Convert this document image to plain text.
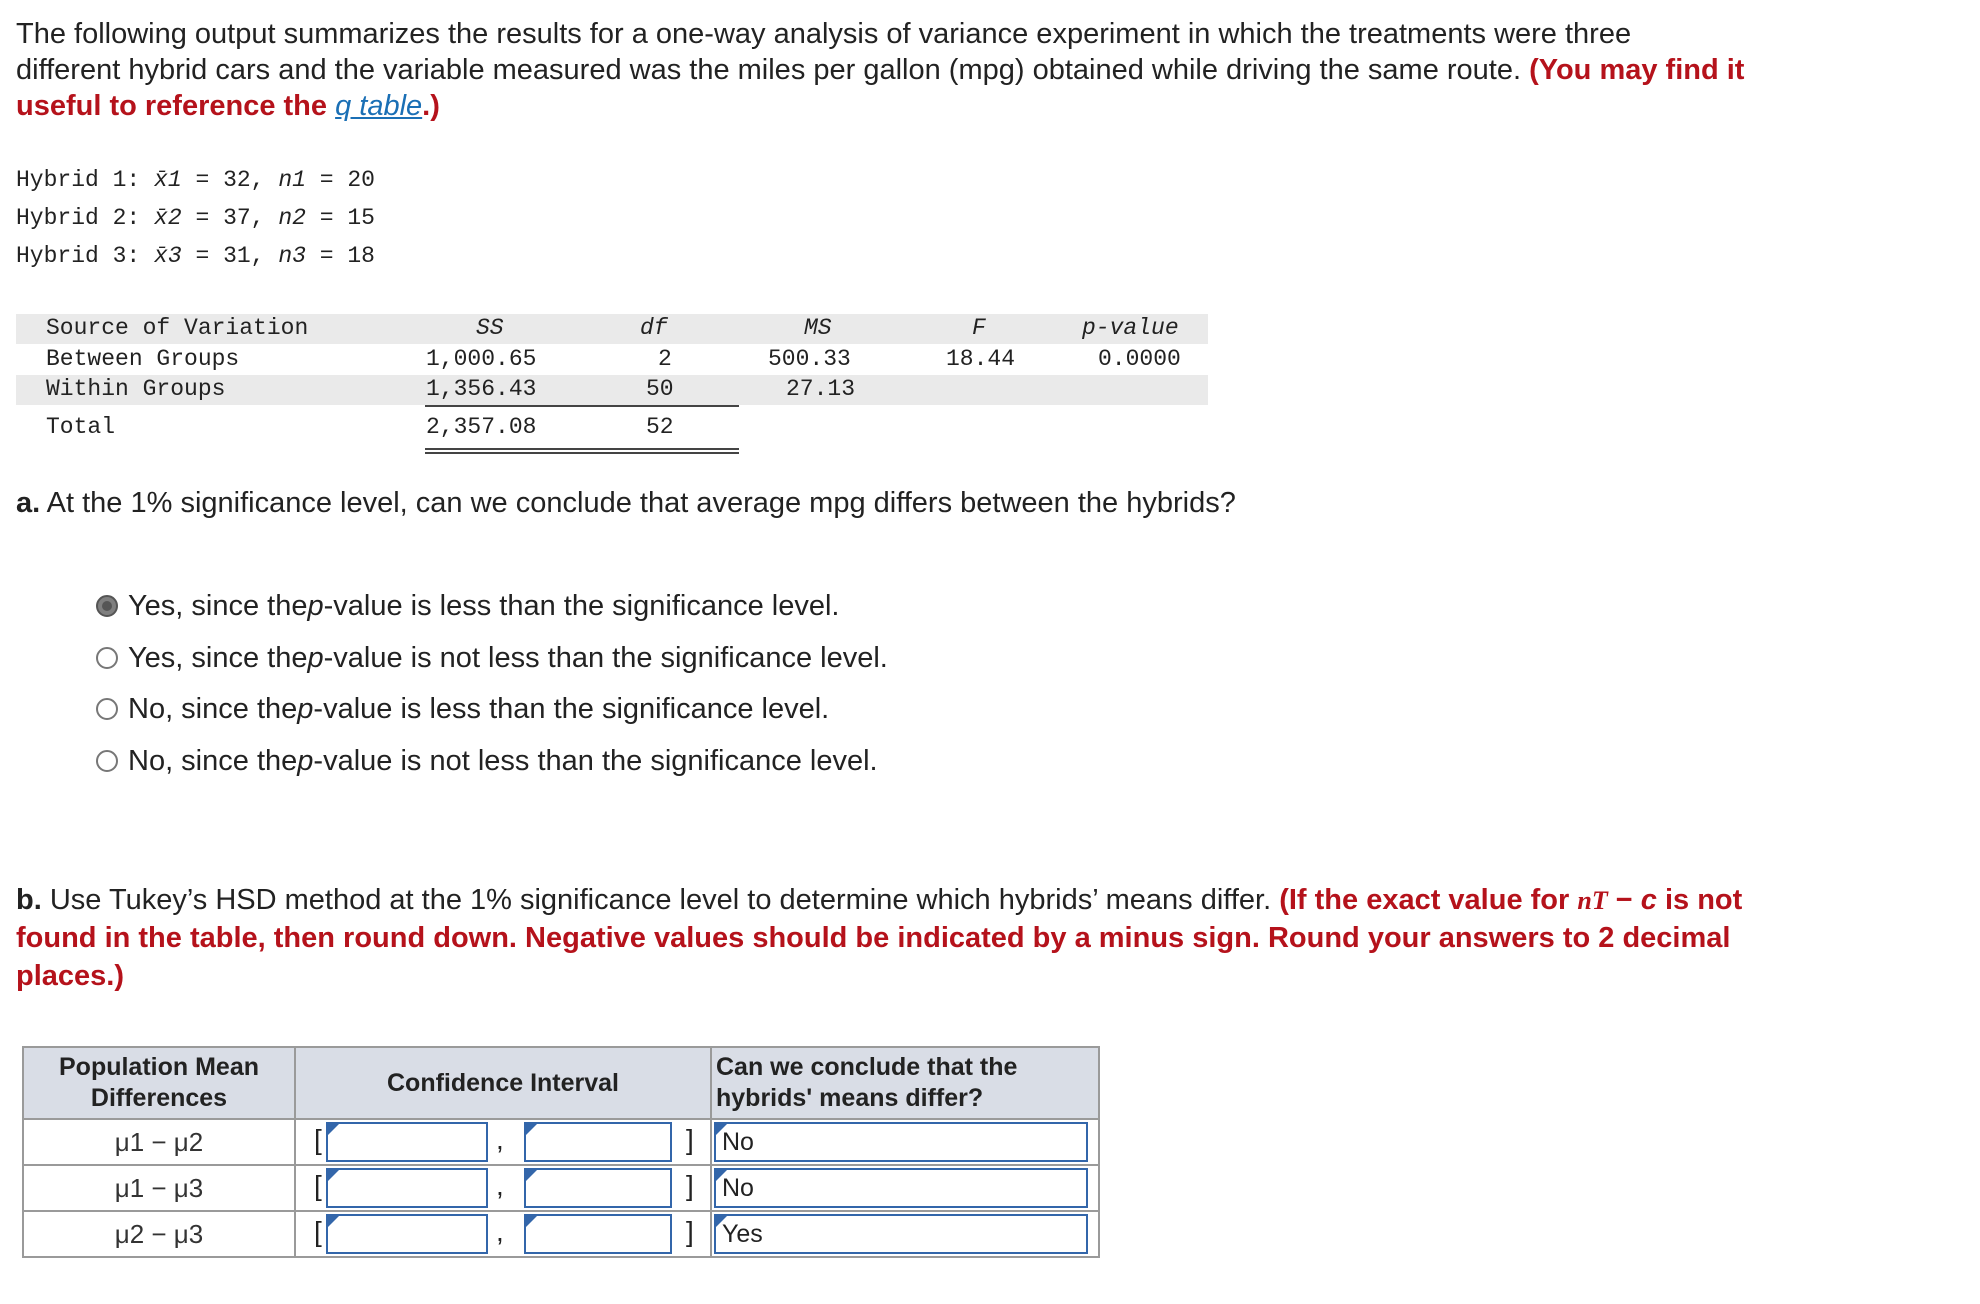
The following output summarizes the results for a one-way analysis of variance experiment in which the treatments were three
different hybrid cars and the variable measured was the miles per gallon (mpg) obtained while driving the same route. (You may find it
useful to reference the q table.)
Hybrid 1: x̄1 = 32, n1 = 20
Hybrid 2: x̄2 = 37, n2 = 15
Hybrid 3: x̄3 = 31, n3 = 18
Source of Variation	SS	df	MS	F	p-value
Between Groups	1,000.65	2	500.33	18.44	0.0000
Within Groups	1,356.43	50	27.13
Total	2,357.08	52
a. At the 1% significance level, can we conclude that average mpg differs between the hybrids?
Yes, since the p -value is less than the significance level.
Yes, since the p -value is not less than the significance level.
No, since the p -value is less than the significance level.
No, since the p -value is not less than the significance level.
b. Use Tukey’s HSD method at the 1% significance level to determine which hybrids’ means differ. (If the exact value for nT − c is not
found in the table, then round down. Negative values should be indicated by a minus sign. Round your answers to 2 decimal
places.)
Population Mean
Differences	Confidence Interval	Can we conclude that the
hybrids' means differ?
μ1 − μ2	[ , ]	No

μ1 − μ3	[ , ]	No

μ2 − μ3	[ , ]	Yes
